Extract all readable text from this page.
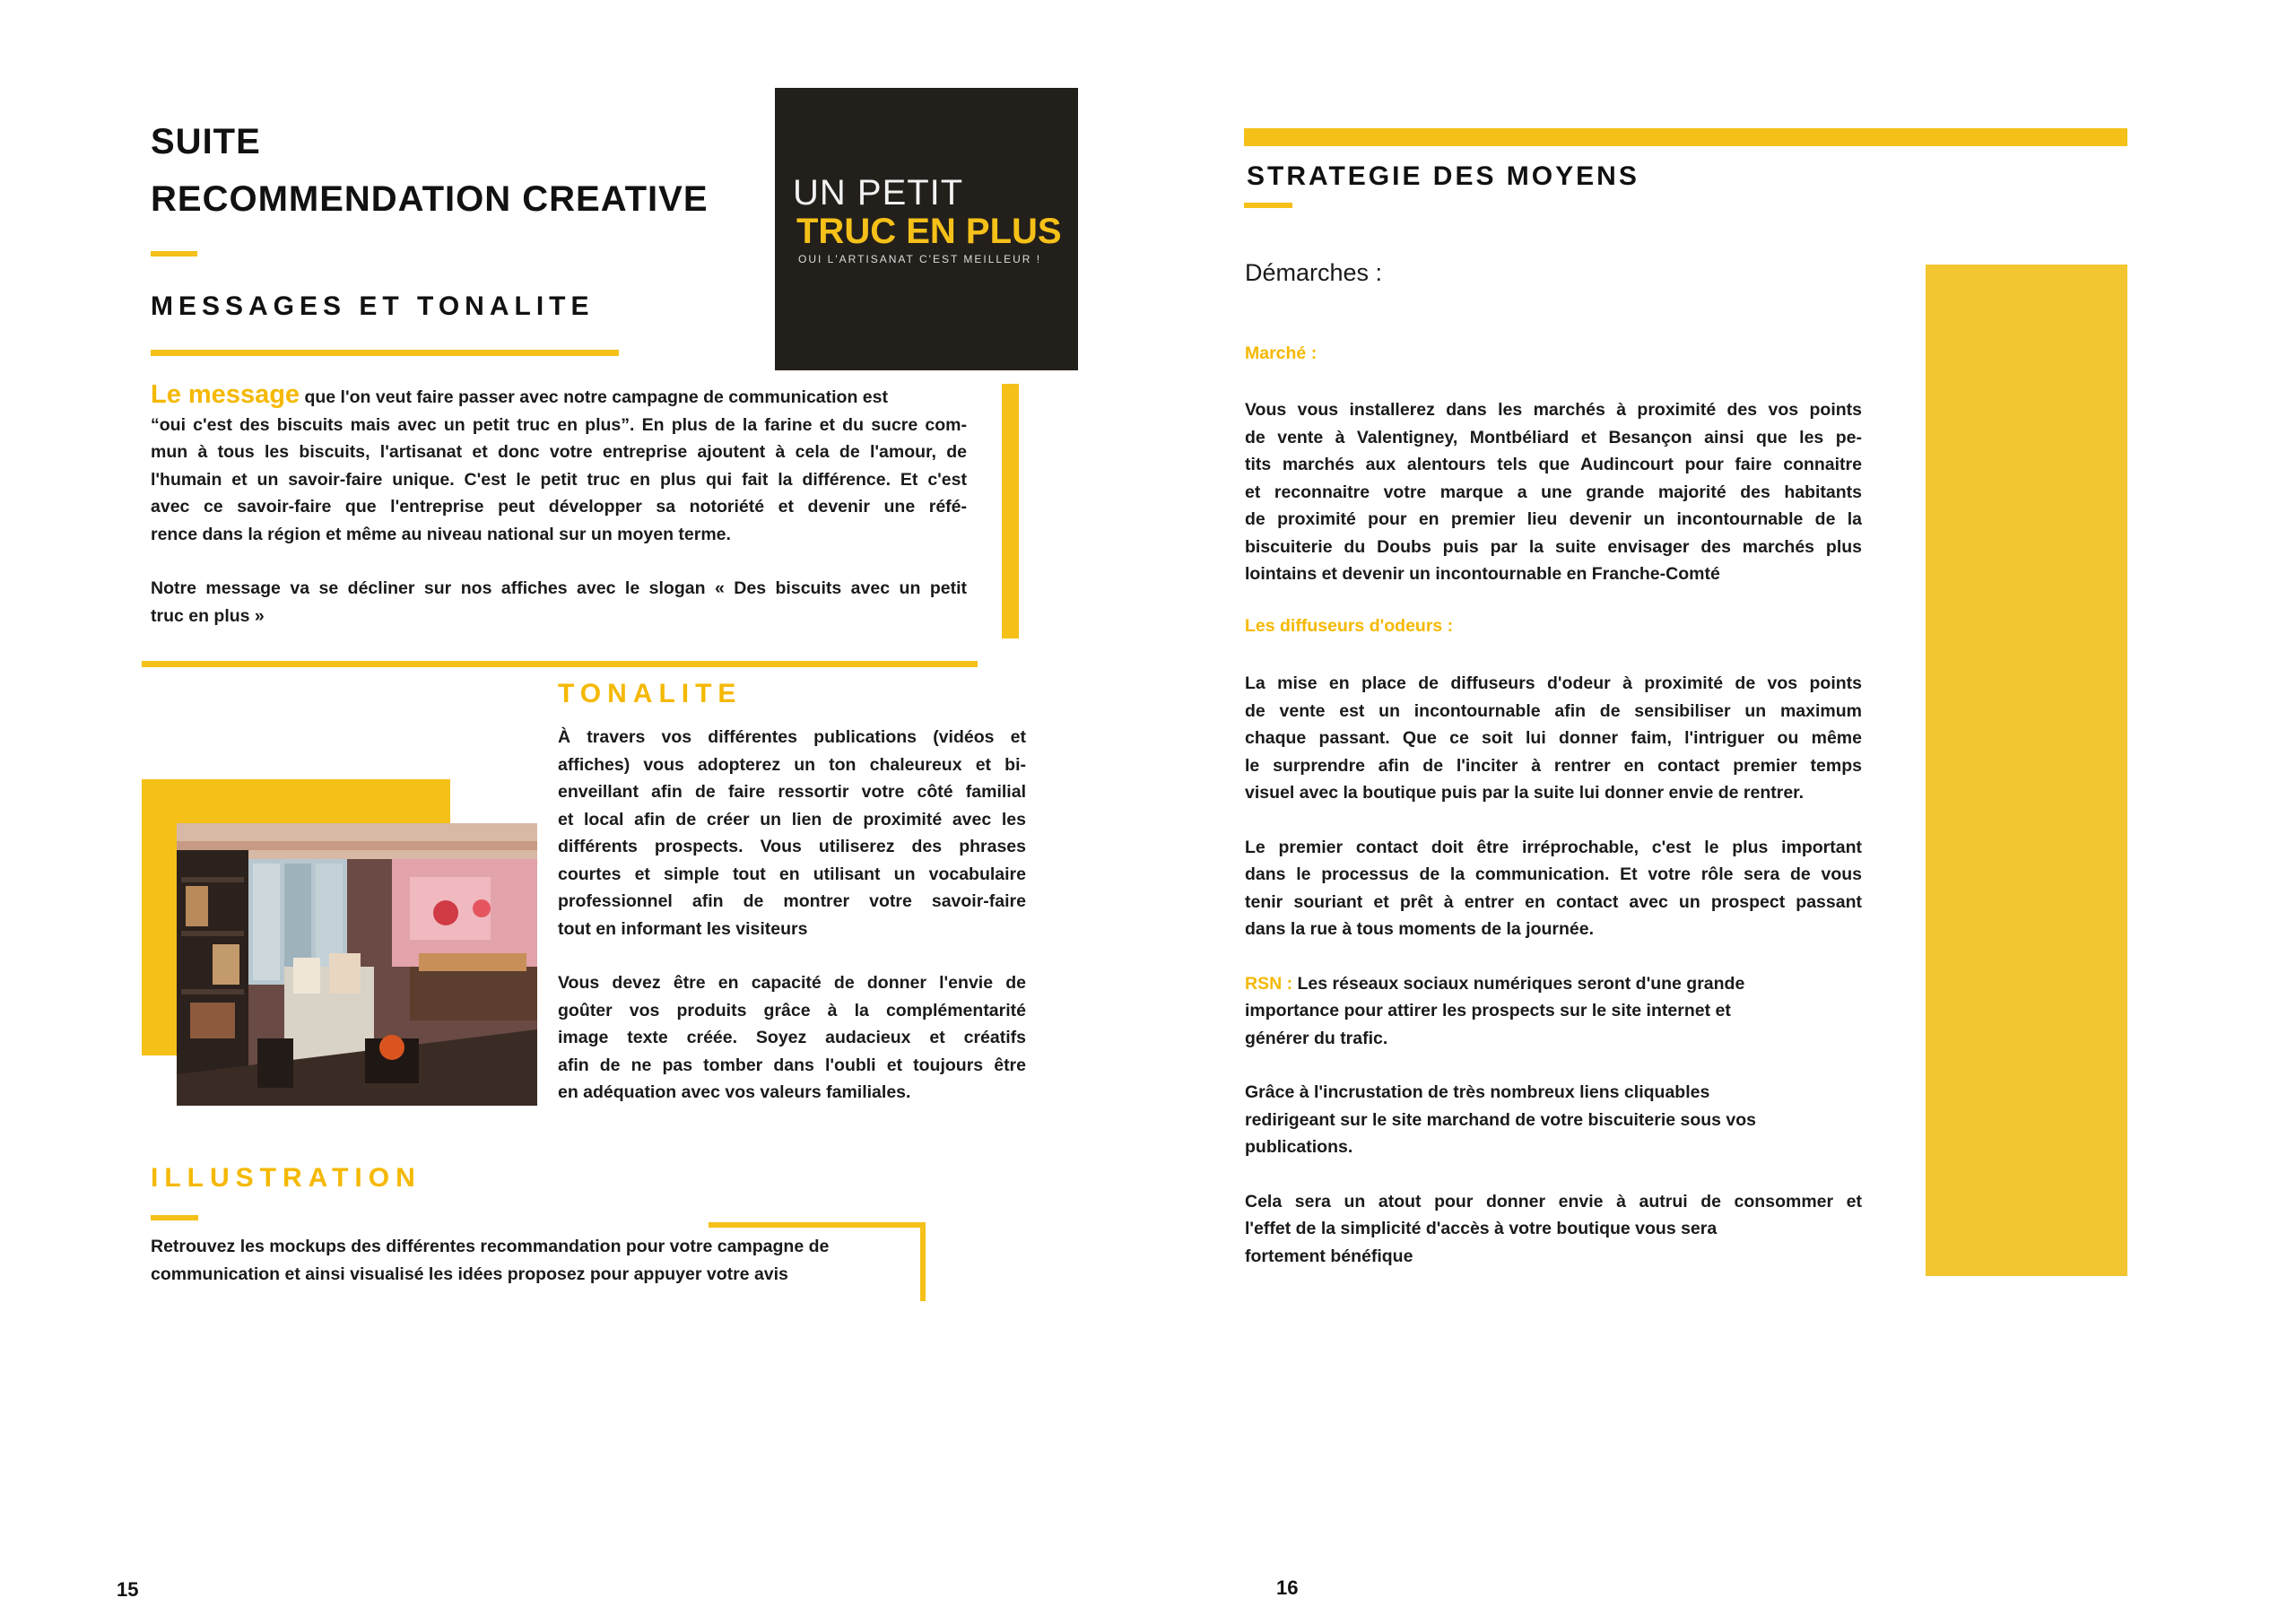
SUITE
RECOMMENDATION CREATIVE
MESSAGES ET TONALITE
UN PETIT
TRUC EN PLUS
OUI L'ARTISANAT C'EST MEILLEUR !
Le message que l'on veut faire passer avec notre campagne de communication est
“oui c'est des biscuits mais avec un petit truc en plus”. En plus de la farine et du sucre com-
mun à tous les biscuits, l'artisanat et donc votre entreprise ajoutent à cela de l'amour, de
l'humain et un savoir-faire unique. C'est le petit truc en plus qui fait la différence. Et c'est
avec ce savoir-faire que l'entreprise peut développer sa notoriété et devenir une réfé-
rence dans la région et même au niveau national sur un moyen terme.
Notre message va se décliner sur nos affiches avec le slogan « Des biscuits avec un petit
truc en plus »
TONALITE
À travers vos différentes publications (vidéos et
affiches) vous adopterez un ton chaleureux et bi-
enveillant afin de faire ressortir votre côté familial
et local afin de créer un lien de proximité avec les
différents prospects. Vous utiliserez des phrases
courtes et simple tout en utilisant un vocabulaire
professionnel afin de montrer votre savoir-faire
tout en informant les visiteurs
Vous devez être en capacité de donner l'envie de
goûter vos produits grâce à la complémentarité
image texte créée. Soyez audacieux et créatifs
afin de ne pas tomber dans l'oubli et toujours être
en adéquation avec vos valeurs familiales.
ILLUSTRATION
Retrouvez les mockups des différentes recommandation pour votre campagne de
communication et ainsi visualisé les idées proposez pour appuyer votre avis
15
STRATEGIE DES MOYENS
Démarches :
Marché :
Vous vous installerez dans les marchés à proximité des vos points
de vente à Valentigney, Montbéliard et Besançon ainsi que les pe-
tits marchés aux alentours tels que Audincourt pour faire connaitre
et reconnaitre votre marque a une grande majorité des habitants
de proximité pour en premier lieu devenir un incontournable de la
biscuiterie du Doubs puis par la suite envisager des marchés plus
lointains et devenir un incontournable en Franche-Comté
Les diffuseurs d'odeurs :
La mise en place de diffuseurs d'odeur à proximité de vos points
de vente est un incontournable afin de sensibiliser un maximum
chaque passant. Que ce soit lui donner faim, l'intriguer ou même
le surprendre afin de l'inciter à rentrer en contact premier temps
visuel avec la boutique puis par la suite lui donner envie de rentrer.
Le premier contact doit être irréprochable, c'est le plus important
dans le processus de la communication. Et votre rôle sera de vous
tenir souriant et prêt à entrer en contact avec un prospect passant
dans la rue à tous moments de la journée.
RSN : Les réseaux sociaux numériques seront d'une grande
importance pour attirer les prospects sur le site internet et
générer du trafic.
Grâce à l'incrustation de très nombreux liens cliquables
redirigeant sur le site marchand de votre biscuiterie sous vos
publications.
Cela sera un atout pour donner envie à autrui de consommer et
l'effet de la simplicité d'accès à votre boutique vous sera
fortement bénéfique
16
